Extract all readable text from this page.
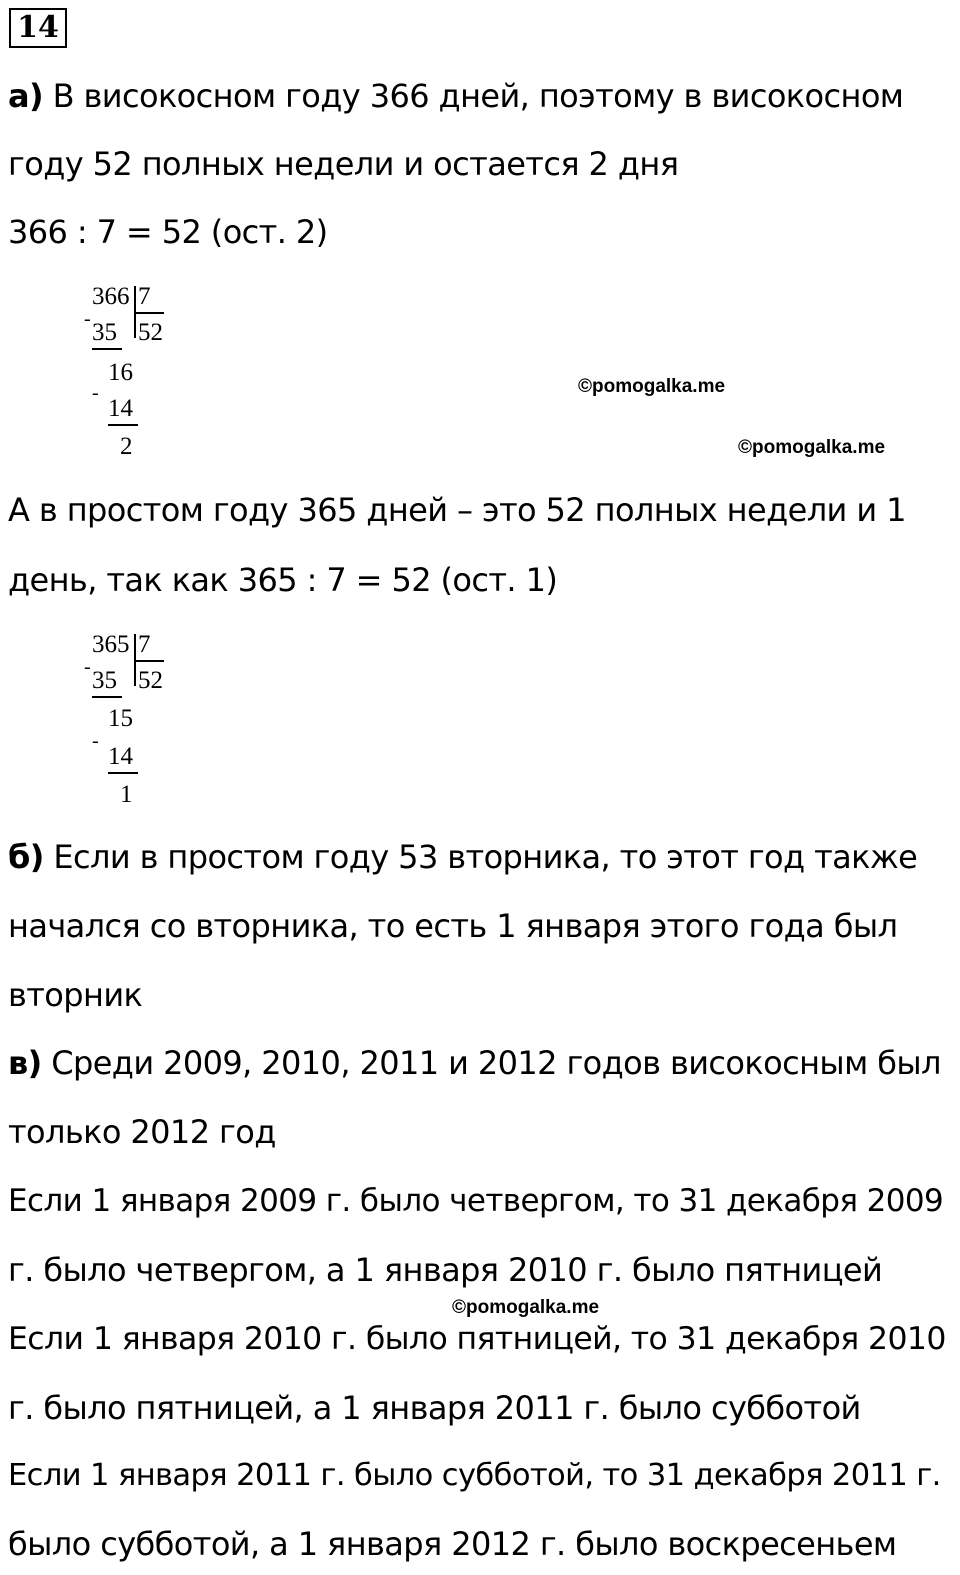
14
а) В високосном году 366 дней, поэтому в високосном
году 52 полных недели и остается 2 дня
366 : 7 = 52 (ост. 2)
366 7
- 35 52
16
-
14
2
©pomogalka.me
©pomogalka.me
А в простом году 365 дней – это 52 полных недели и 1
день, так как 365 : 7 = 52 (ост. 1)
365 7
- 35 52
15
-
14
1
б) Если в простом году 53 вторника, то этот год также
начался со вторника, то есть 1 января этого года был
вторник
в) Среди 2009, 2010, 2011 и 2012 годов високосным был
только 2012 год
Если 1 января 2009 г. было четвергом, то 31 декабря 2009
г. было четвергом, а 1 января 2010 г. было пятницей
©pomogalka.me
Если 1 января 2010 г. было пятницей, то 31 декабря 2010
г. было пятницей, а 1 января 2011 г. было субботой
Если 1 января 2011 г. было субботой, то 31 декабря 2011 г.
было субботой, а 1 января 2012 г. было воскресеньем
